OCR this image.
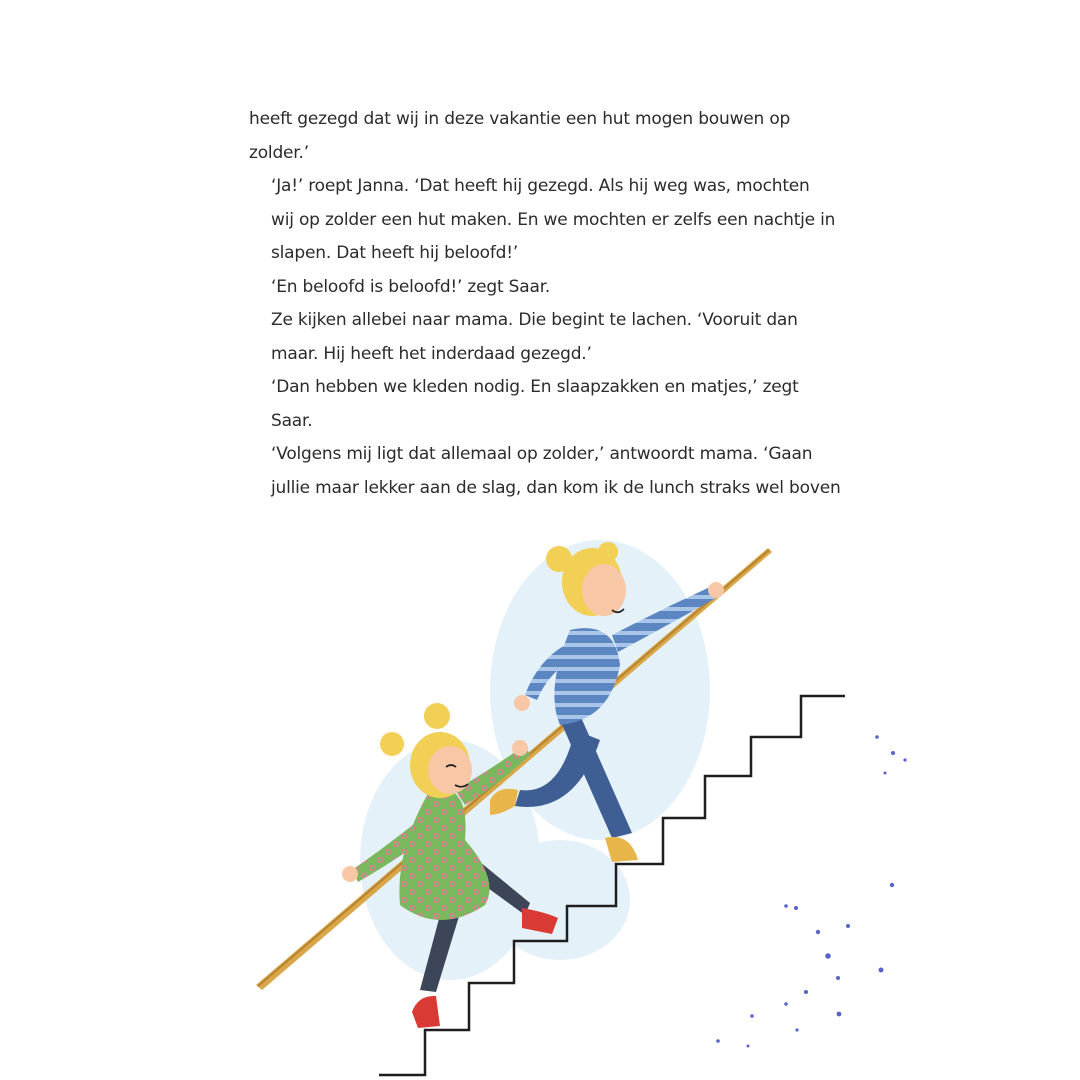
heeft gezegd dat wij in deze vakantie een hut mogen bouwen op
zolder.’

‘Ja!’ roept Janna. ‘Dat heeft hij gezegd. Als hij weg was, mochten
wij op zolder een hut maken. En we mochten er zelfs een nachtje in
slapen. Dat heeft hij beloofd!’

‘En beloofd is beloofd!’ zegt Saar.

Ze kijken allebei naar mama. Die begint te lachen. ‘Vooruit dan
maar. Hij heeft het inderdaad gezegd.’

‘Dan hebben we kleden nodig. En slaapzakken en matjes,’ zegt
Saar.

‘Volgens mij ligt dat allemaal op zolder,’ antwoordt mama. ‘Gaan
jullie maar lekker aan de slag, dan kom ik de lunch straks wel boven
